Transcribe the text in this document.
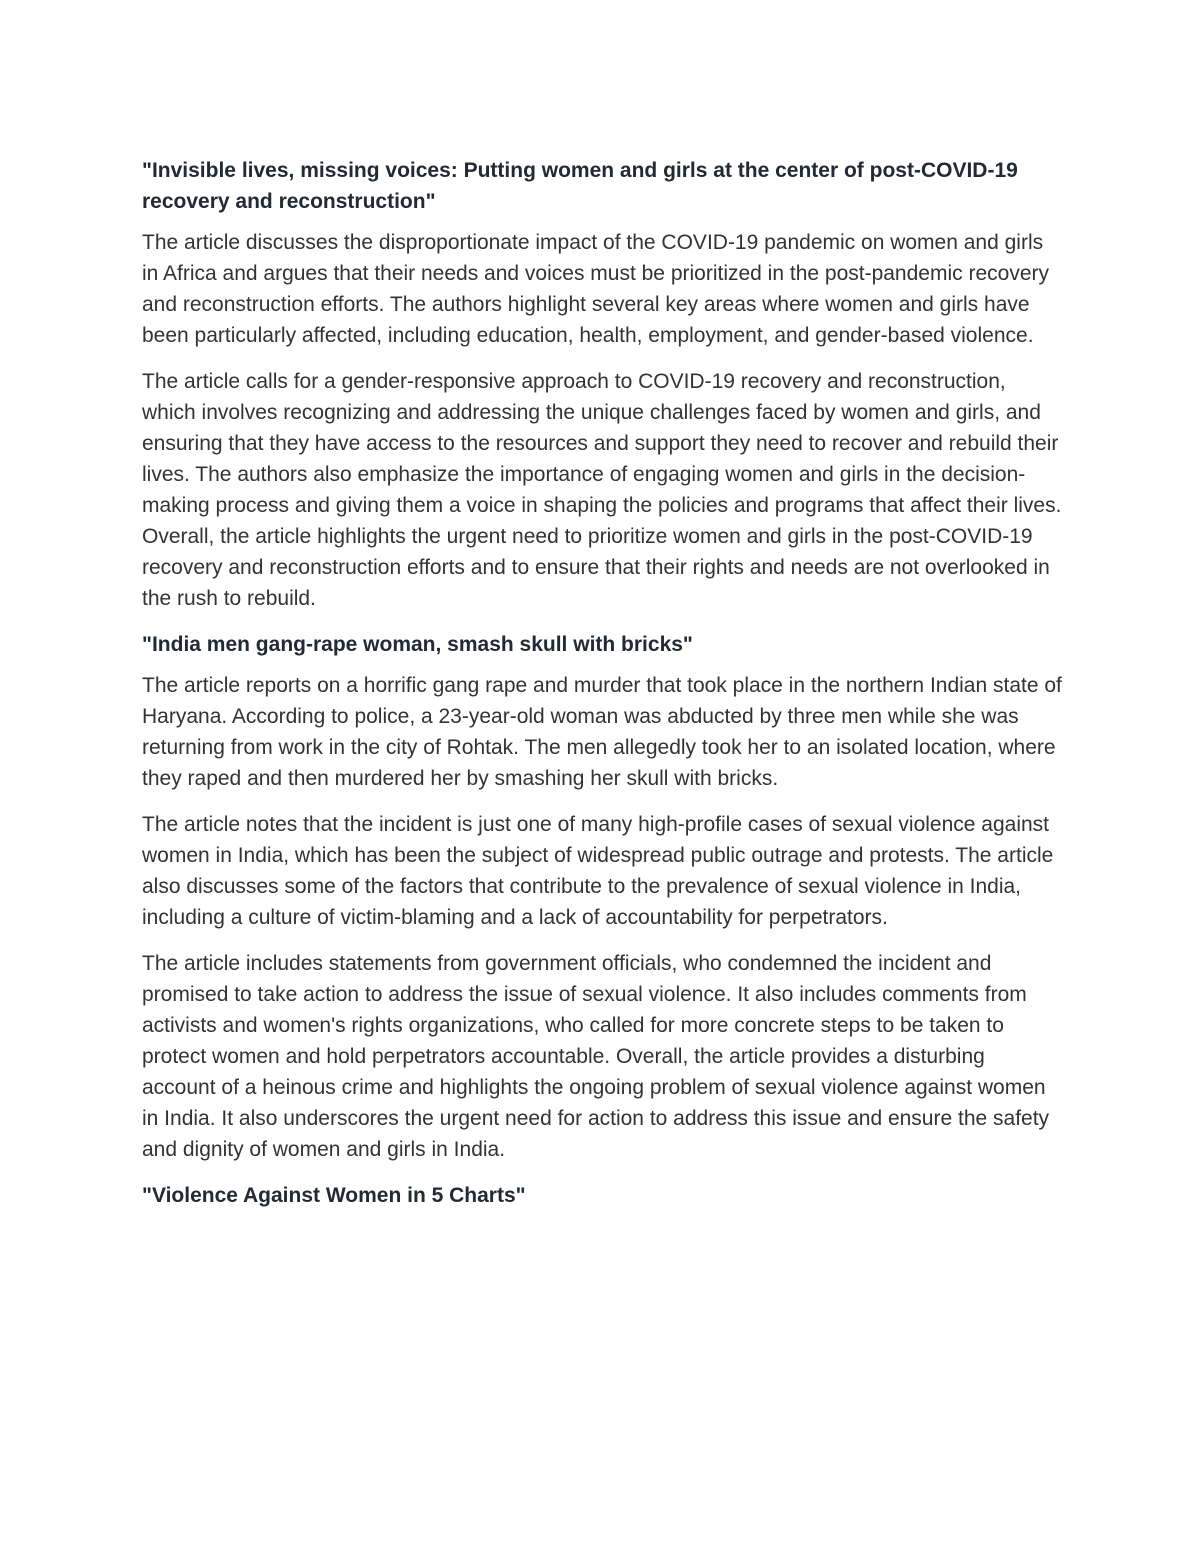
"Invisible lives, missing voices: Putting women and girls at the center of post-COVID-19 recovery and reconstruction"

The article discusses the disproportionate impact of the COVID-19 pandemic on women and girls in Africa and argues that their needs and voices must be prioritized in the post-pandemic recovery and reconstruction efforts. The authors highlight several key areas where women and girls have been particularly affected, including education, health, employment, and gender-based violence.

The article calls for a gender-responsive approach to COVID-19 recovery and reconstruction, which involves recognizing and addressing the unique challenges faced by women and girls, and ensuring that they have access to the resources and support they need to recover and rebuild their lives. The authors also emphasize the importance of engaging women and girls in the decision-making process and giving them a voice in shaping the policies and programs that affect their lives. Overall, the article highlights the urgent need to prioritize women and girls in the post-COVID-19 recovery and reconstruction efforts and to ensure that their rights and needs are not overlooked in the rush to rebuild.

"India men gang-rape woman, smash skull with bricks"

The article reports on a horrific gang rape and murder that took place in the northern Indian state of Haryana. According to police, a 23-year-old woman was abducted by three men while she was returning from work in the city of Rohtak. The men allegedly took her to an isolated location, where they raped and then murdered her by smashing her skull with bricks.

The article notes that the incident is just one of many high-profile cases of sexual violence against women in India, which has been the subject of widespread public outrage and protests. The article also discusses some of the factors that contribute to the prevalence of sexual violence in India, including a culture of victim-blaming and a lack of accountability for perpetrators.

The article includes statements from government officials, who condemned the incident and promised to take action to address the issue of sexual violence. It also includes comments from activists and women's rights organizations, who called for more concrete steps to be taken to protect women and hold perpetrators accountable. Overall, the article provides a disturbing account of a heinous crime and highlights the ongoing problem of sexual violence against women in India. It also underscores the urgent need for action to address this issue and ensure the safety and dignity of women and girls in India.

"Violence Against Women in 5 Charts"
